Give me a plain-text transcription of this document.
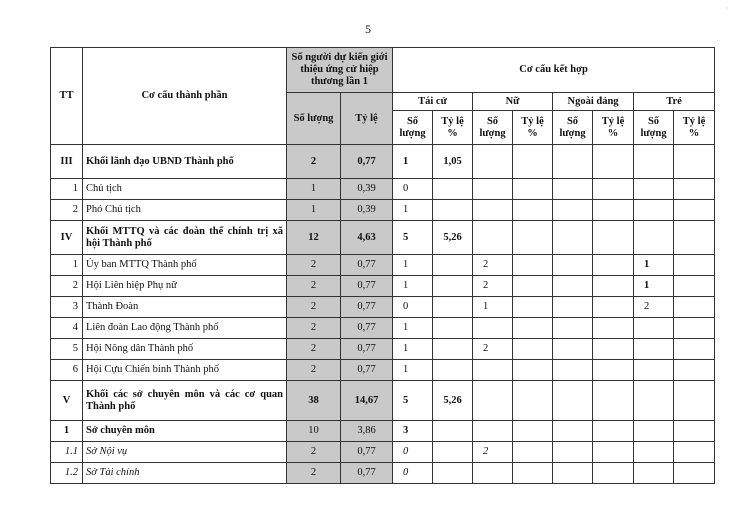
5
·
TT	Cơ cấu thành phần	Số người dự kiến giới thiệu ứng cử hiệp thương lần 1		Cơ cấu kết hợp							
		Số lượng	Tỷ lệ	Tái cử		Nữ		Ngoài đảng		Trẻ	
				Số lượng	Tỷ lệ %	Số lượng	Tỷ lệ %	Số lượng	Tỷ lệ %	Số lượng	Tỷ lệ %
III	Khối lãnh đạo UBND Thành phố	2	0,77	1	1,05						
1	Chủ tịch	1	0,39	0							
2	Phó Chủ tịch	1	0,39	1							
IV	Khối MTTQ và các đoàn thể chính trị xã hội Thành phố	12	4,63	5	5,26						
1	Ủy ban MTTQ Thành phố	2	0,77	1		2				1	
2	Hội Liên hiệp Phụ nữ	2	0,77	1		2				1	
3	Thành Đoàn	2	0,77	0		1				2	
4	Liên đoàn Lao động Thành phố	2	0,77	1							
5	Hội Nông dân Thành phố	2	0,77	1		2					
6	Hội Cựu Chiến binh Thành phố	2	0,77	1							
V	Khối các sở chuyên môn và các cơ quan Thành phố	38	14,67	5	5,26						
1	Sở chuyên môn	10	3,86	3							
1.1	Sở Nội vụ	2	0,77	0		2					
1.2	Sở Tài chính	2	0,77	0							
